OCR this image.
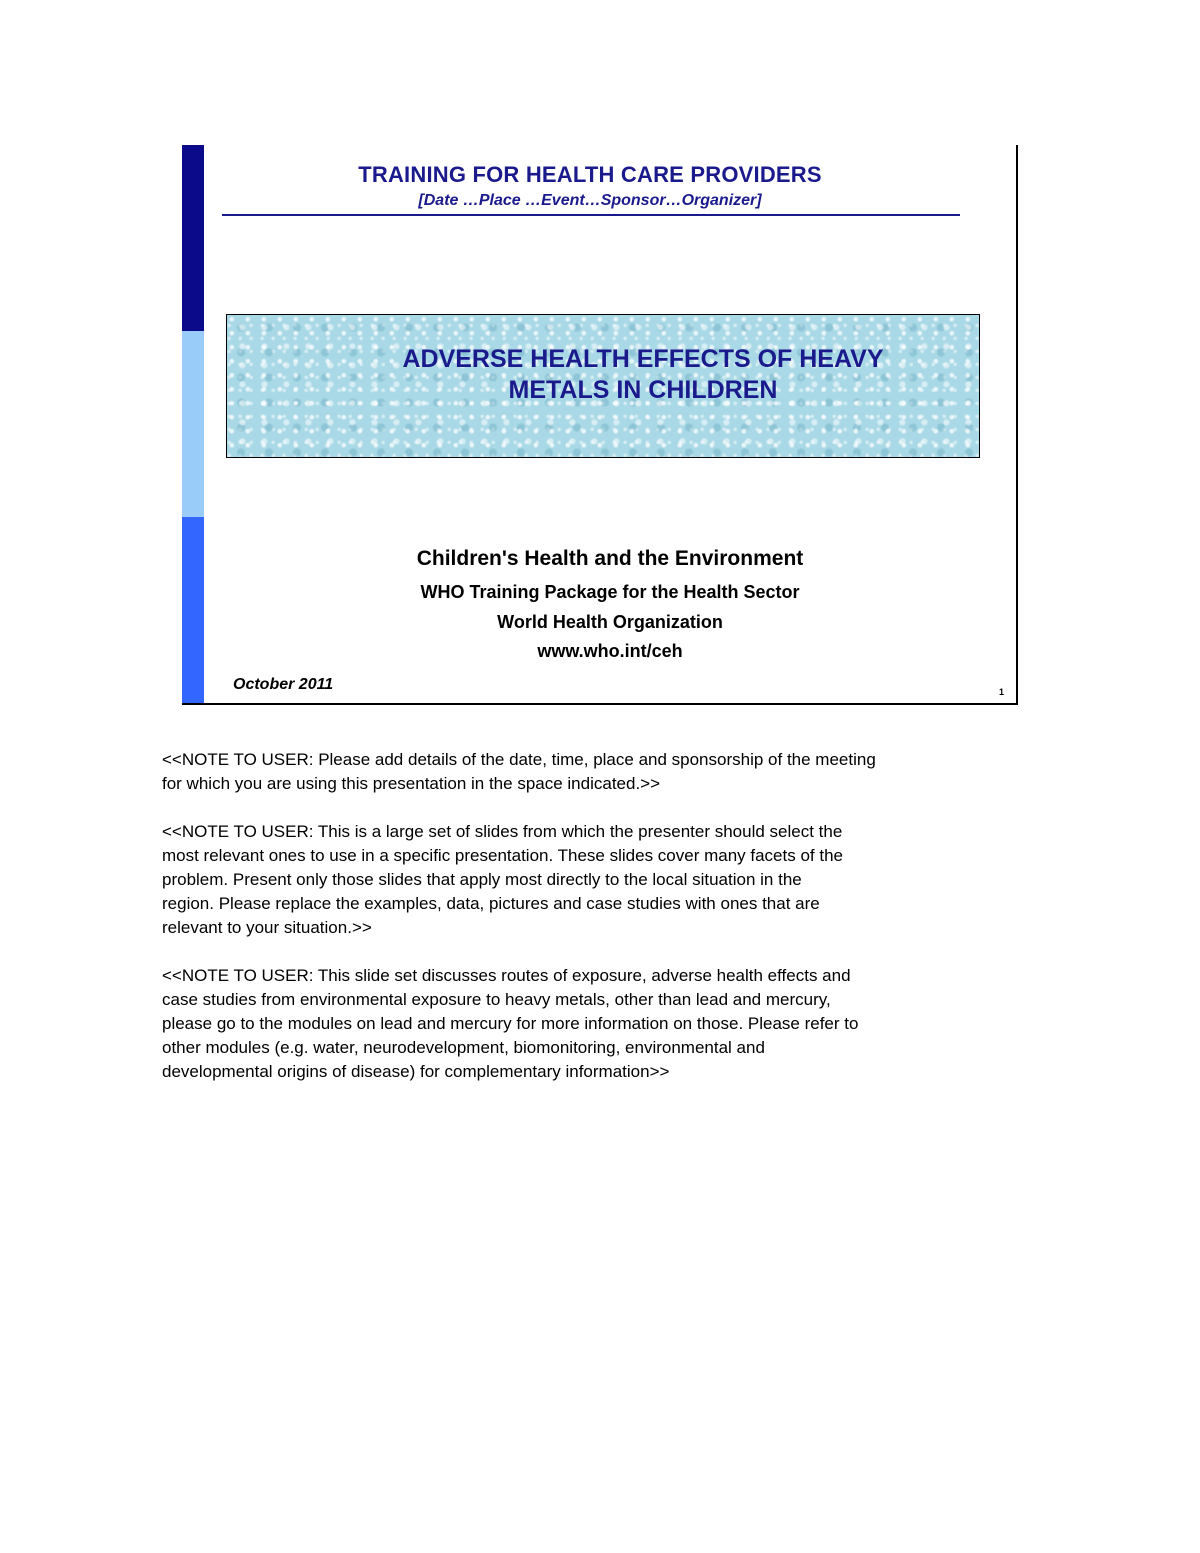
TRAINING FOR HEALTH CARE PROVIDERS
[Date …Place …Event…Sponsor…Organizer]
ADVERSE HEALTH EFFECTS OF HEAVY
METALS IN CHILDREN
Children's Health and the Environment
WHO Training Package for the Health Sector
World Health Organization
www.who.int/ceh
October 2011	1

<<NOTE TO USER: Please add details of the date, time, place and sponsorship of the meeting
for which you are using this presentation in the space indicated.>>

<<NOTE TO USER: This is a large set of slides from which the presenter should select the
most relevant ones to use in a specific presentation. These slides cover many facets of the
problem. Present only those slides that apply most directly to the local situation in the
region. Please replace the examples, data, pictures and case studies with ones that are
relevant to your situation.>>

<<NOTE TO USER: This slide set discusses routes of exposure, adverse health effects and
case studies from environmental exposure to heavy metals, other than lead and mercury,
please go to the modules on lead and mercury for more information on those. Please refer to
other modules (e.g. water, neurodevelopment, biomonitoring, environmental and
developmental origins of disease) for complementary information>>
